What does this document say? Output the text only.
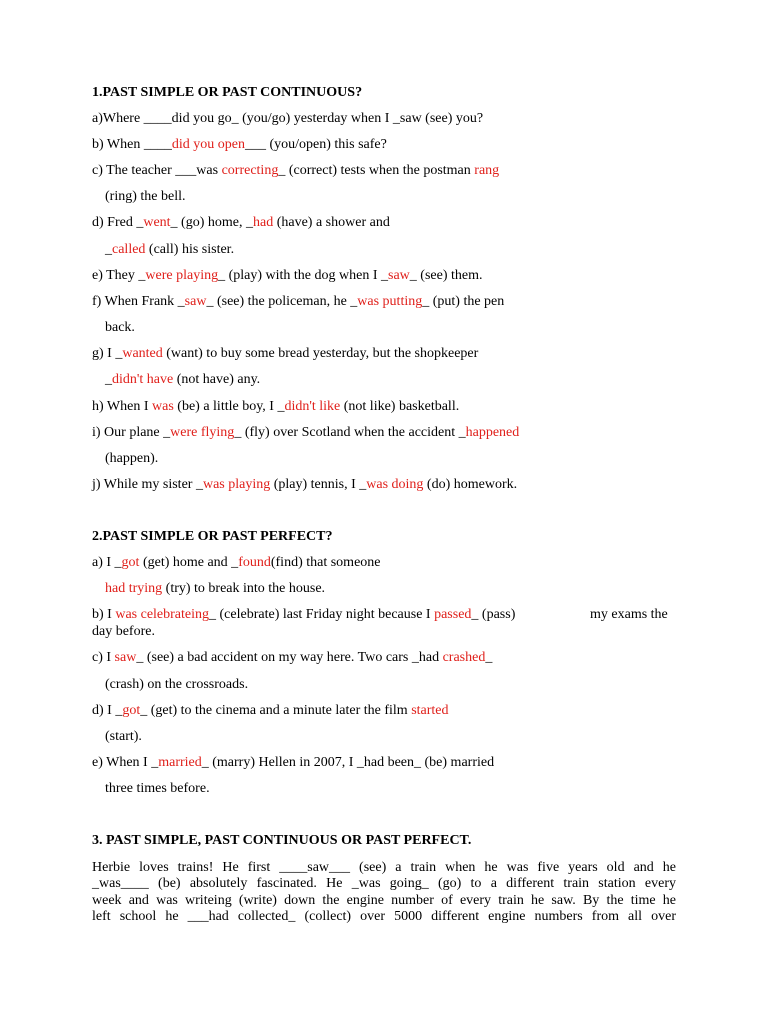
1.PAST SIMPLE OR PAST CONTINUOUS?
a)Where ____did you go_ (you/go) yesterday when I _saw (see) you?
b) When ____did you open___ (you/open) this safe?
c) The teacher ___was correcting_ (correct) tests when the postman rang
(ring) the bell.
d) Fred _went_ (go) home, _had (have) a shower and
_called (call) his sister.
e) They _were playing_ (play) with the dog when I _saw_ (see) them.
f) When Frank _saw_ (see) the policeman, he _was putting_ (put) the pen
back.
g) I _wanted (want) to buy some bread yesterday, but the shopkeeper
_didn't have (not have) any.
h) When I was (be) a little boy, I _didn't like (not like) basketball.
i) Our plane _were flying_ (fly) over Scotland when the accident _happened
(happen).
j) While my sister _was playing (play) tennis, I _was doing (do) homework.
2.PAST SIMPLE OR PAST PERFECT?
a) I _got (get) home and _found(find) that someone
had trying (try) to break into the house.
b) I was celebrateing_ (celebrate) last Friday night because I passed_ (pass)	my exams the
day before.
c) I saw_ (see) a bad accident on my way here. Two cars _had crashed_
(crash) on the crossroads.
d) I _got_ (get) to the cinema and a minute later the film started
(start).
e) When I _married_ (marry) Hellen in 2007, I _had been_ (be) married
three times before.
3. PAST SIMPLE, PAST CONTINUOUS OR PAST PERFECT.
Herbie loves trains! He first ____saw___ (see) a train when he was five years old and he
_was____ (be) absolutely fascinated. He _was going_ (go) to a different train station every
week and was writeing (write) down the engine number of every train he saw. By the time he
left school he ___had collected_ (collect) over 5000 different engine numbers from all over
